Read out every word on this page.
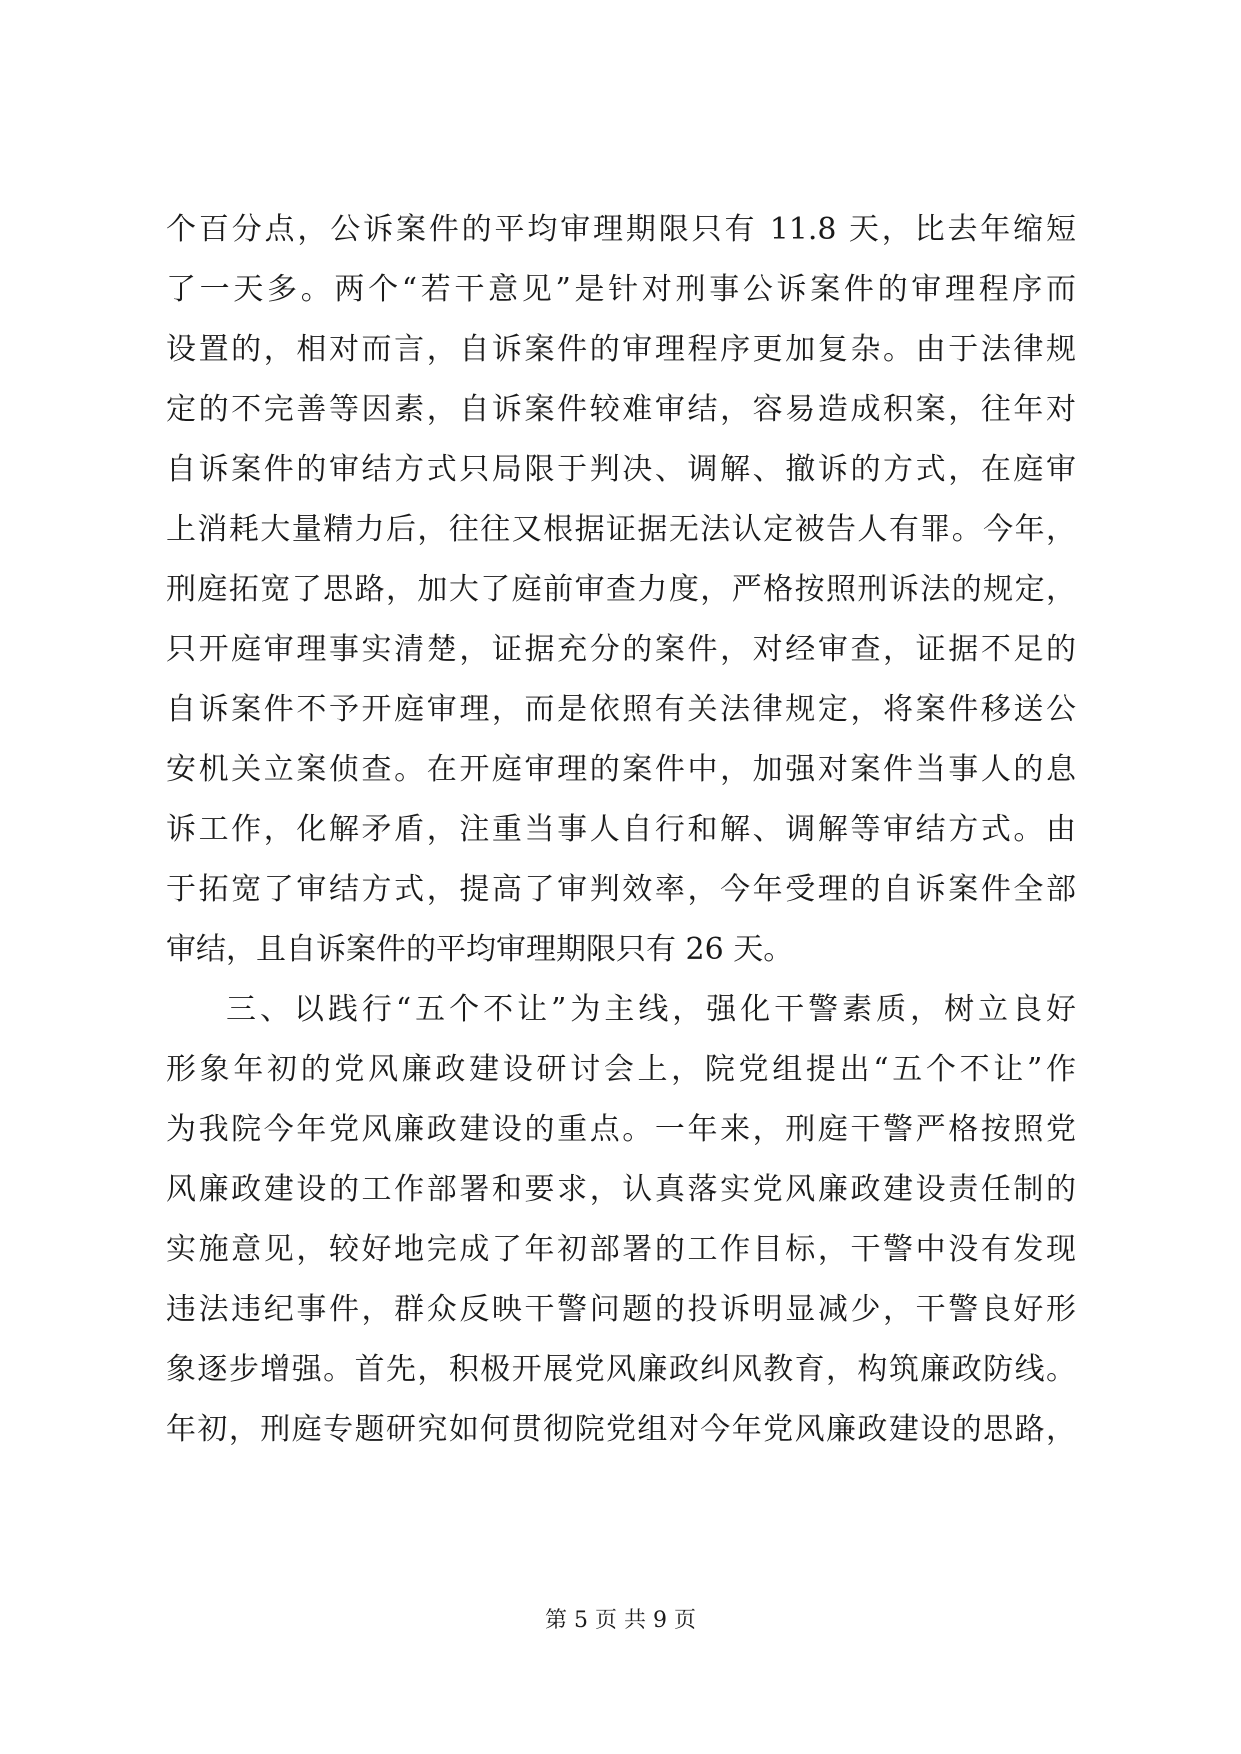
个百分点，公诉案件的平均审理期限只有 11.8 天，比去年缩短
了一天多。两个“若干意见”是针对刑事公诉案件的审理程序而
设置的，相对而言，自诉案件的审理程序更加复杂。由于法律规
定的不完善等因素，自诉案件较难审结，容易造成积案，往年对
自诉案件的审结方式只局限于判决、调解、撤诉的方式，在庭审
上消耗大量精力后，往往又根据证据无法认定被告人有罪。今年，
刑庭拓宽了思路，加大了庭前审查力度，严格按照刑诉法的规定，
只开庭审理事实清楚，证据充分的案件，对经审查，证据不足的
自诉案件不予开庭审理，而是依照有关法律规定，将案件移送公
安机关立案侦查。在开庭审理的案件中，加强对案件当事人的息
诉工作，化解矛盾，注重当事人自行和解、调解等审结方式。由
于拓宽了审结方式，提高了审判效率，今年受理的自诉案件全部
审结，且自诉案件的平均审理期限只有 26 天。
三、以践行“五个不让”为主线，强化干警素质，树立良好
形象年初的党风廉政建设研讨会上，院党组提出“五个不让”作
为我院今年党风廉政建设的重点。一年来，刑庭干警严格按照党
风廉政建设的工作部署和要求，认真落实党风廉政建设责任制的
实施意见，较好地完成了年初部署的工作目标，干警中没有发现
违法违纪事件，群众反映干警问题的投诉明显减少，干警良好形
象逐步增强。首先，积极开展党风廉政纠风教育，构筑廉政防线。
年初，刑庭专题研究如何贯彻院党组对今年党风廉政建设的思路，
第 5 页 共 9 页
